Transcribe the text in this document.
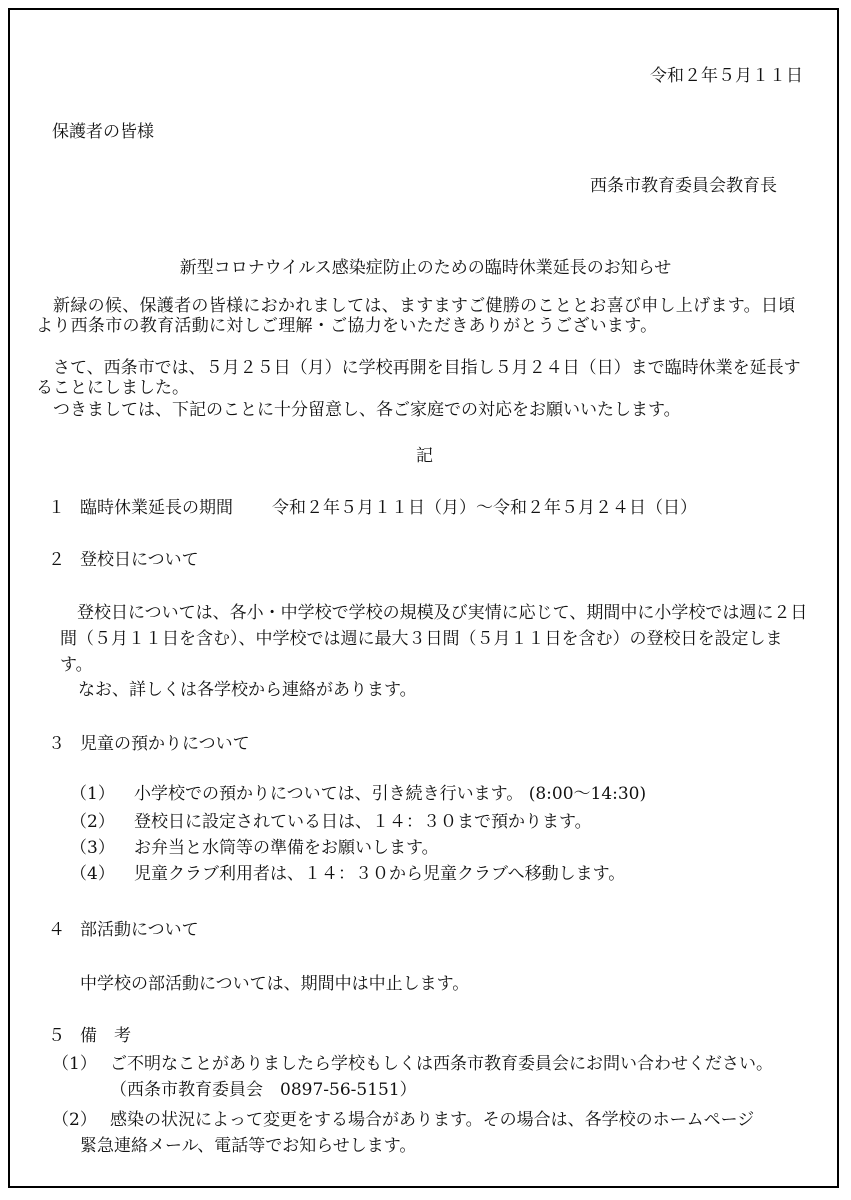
令和２年５月１１日
保護者の皆様
西条市教育委員会教育長
新型コロナウイルス感染症防止のための臨時休業延長のお知らせ
新緑の候、保護者の皆様におかれましては、ますますご健勝のこととお喜び申し上げます。日頃より西条市の教育活動に対しご理解・ご協力をいただきありがとうございます。
さて、西条市では、５月２５日（月）に学校再開を目指し５月２４日（日）まで臨時休業を延長することにしました。
つきましては、下記のことに十分留意し、各ご家庭での対応をお願いいたします。
記
１ 臨時休業延長の期間 令和２年５月１１日（月）～令和２年５月２４日（日）
２ 登校日について
登校日については、各小・中学校で学校の規模及び実情に応じて、期間中に小学校では週に２日間（５月１１日を含む）、中学校では週に最大３日間（５月１１日を含む）の登校日を設定します。
なお、詳しくは各学校から連絡があります。
３ 児童の預かりについて
（1） 小学校での預かりについては、引き続き行います。 (8:00～14:30)
（2） 登校日に設定されている日は、１４：３０まで預かります。
（3） お弁当と水筒等の準備をお願いします。
（4） 児童クラブ利用者は、１４：３０から児童クラブへ移動します。
４ 部活動について
中学校の部活動については、期間中は中止します。
５ 備　考
（1） ご不明なことがありましたら学校もしくは西条市教育委員会にお問い合わせください。
（西条市教育委員会　0897-56-5151）
（2） 感染の状況によって変更をする場合があります。その場合は、各学校のホームページ
緊急連絡メール、電話等でお知らせします。
